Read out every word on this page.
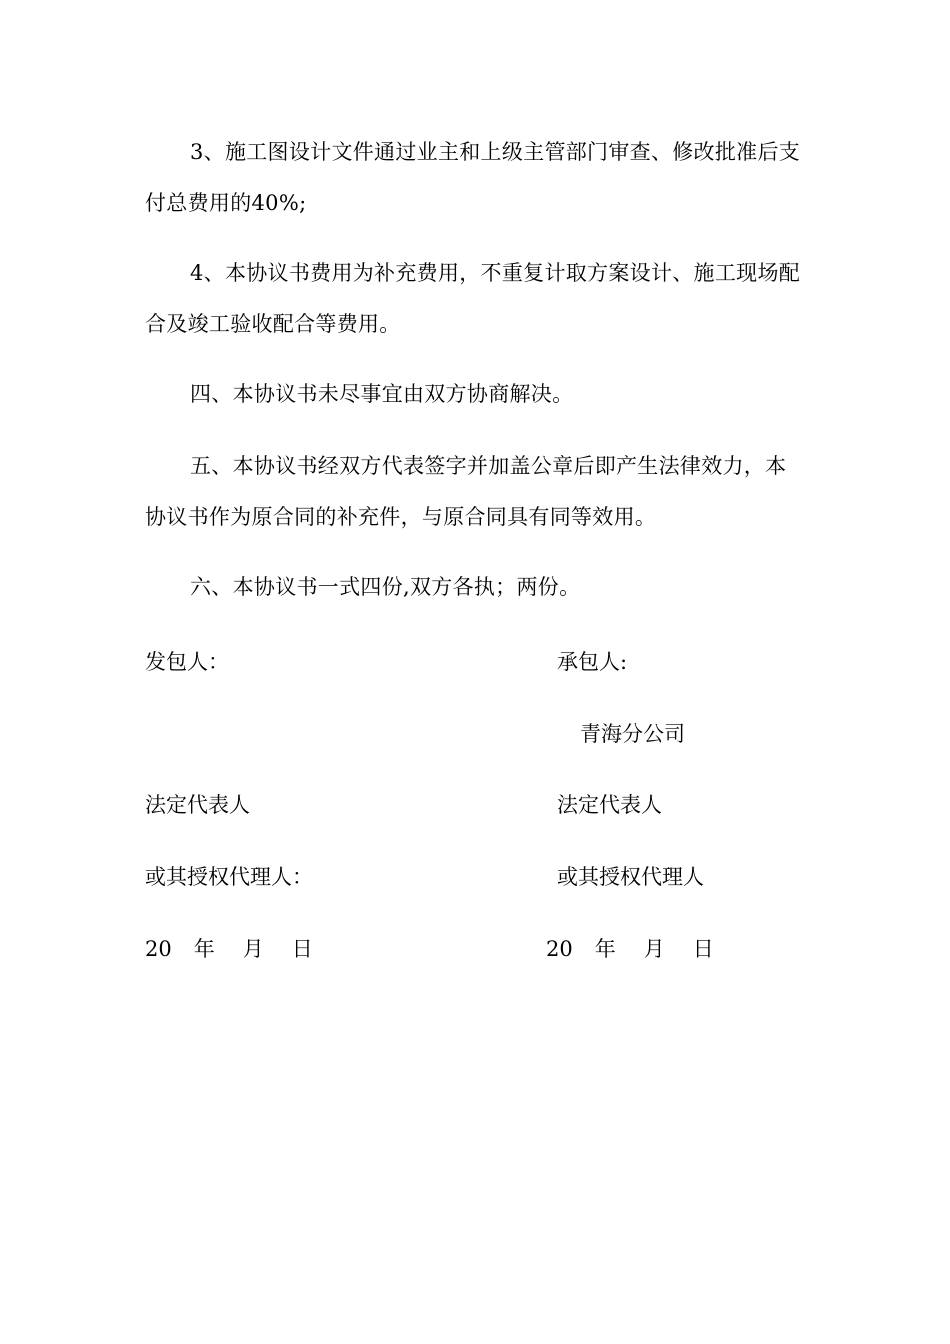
3、施工图设计文件通过业主和上级主管部门审查、修改批准后支付总费用的40%;

4、本协议书费用为补充费用，不重复计取方案设计、施工现场配合及竣工验收配合等费用。

四、本协议书未尽事宜由双方协商解决。

五、本协议书经双方代表签字并加盖公章后即产生法律效力，本协议书作为原合同的补充件，与原合同具有同等效用。

六、本协议书一式四份,双方各执；两份。

发包人：	承包人:
青海分公司
法定代表人	法定代表人
或其授权代理人：	或其授权代理人
20 年 月 日	20 年 月 日
